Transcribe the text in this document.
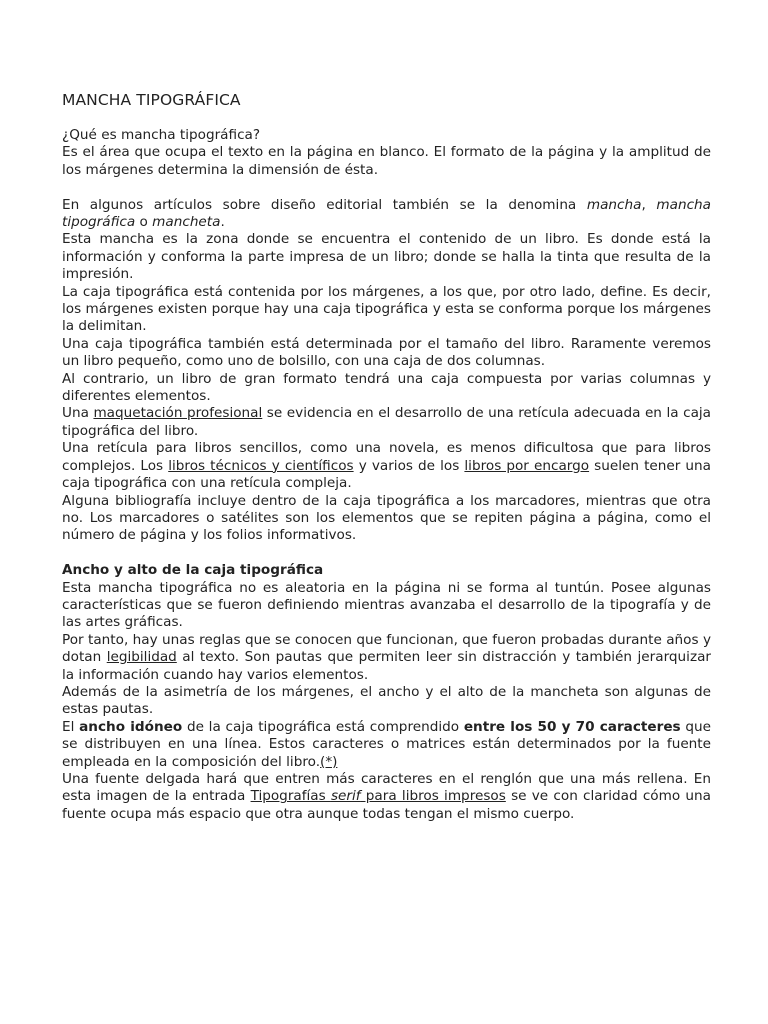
MANCHA TIPOGRÁFICA

¿Qué es mancha tipográfica?

Es el área que ocupa el texto en la página en blanco. El formato de la página y la amplitud de los márgenes determina la dimensión de ésta.

En algunos artículos sobre diseño editorial también se la denomina mancha, mancha tipográfica o mancheta.

Esta mancha es la zona donde se encuentra el contenido de un libro. Es donde está la información y conforma la parte impresa de un libro; donde se halla la tinta que resulta de la impresión.

La caja tipográfica está contenida por los márgenes, a los que, por otro lado, define. Es decir, los márgenes existen porque hay una caja tipográfica y esta se conforma porque los márgenes la delimitan.

Una caja tipográfica también está determinada por el tamaño del libro. Raramente veremos un libro pequeño, como uno de bolsillo, con una caja de dos columnas.

Al contrario, un libro de gran formato tendrá una caja compuesta por varias columnas y diferentes elementos.

Una maquetación profesional se evidencia en el desarrollo de una retícula adecuada en la caja tipográfica del libro.

Una retícula para libros sencillos, como una novela, es menos dificultosa que para libros complejos. Los libros técnicos y científicos y varios de los libros por encargo suelen tener una caja tipográfica con una retícula compleja.

Alguna bibliografía incluye dentro de la caja tipográfica a los marcadores, mientras que otra no. Los marcadores o satélites son los elementos que se repiten página a página, como el número de página y los folios informativos.

Ancho y alto de la caja tipográfica

Esta mancha tipográfica no es aleatoria en la página ni se forma al tuntún. Posee algunas características que se fueron definiendo mientras avanzaba el desarrollo de la tipografía y de las artes gráficas.

Por tanto, hay unas reglas que se conocen que funcionan, que fueron probadas durante años y dotan legibilidad al texto. Son pautas que permiten leer sin distracción y también jerarquizar la información cuando hay varios elementos.

Además de la asimetría de los márgenes, el ancho y el alto de la mancheta son algunas de estas pautas.

El ancho idóneo de la caja tipográfica está comprendido entre los 50 y 70 caracteres que se distribuyen en una línea. Estos caracteres o matrices están determinados por la fuente empleada en la composición del libro.(*)

Una fuente delgada hará que entren más caracteres en el renglón que una más rellena. En esta imagen de la entrada Tipografías serif para libros impresos se ve con claridad cómo una fuente ocupa más espacio que otra aunque todas tengan el mismo cuerpo.
